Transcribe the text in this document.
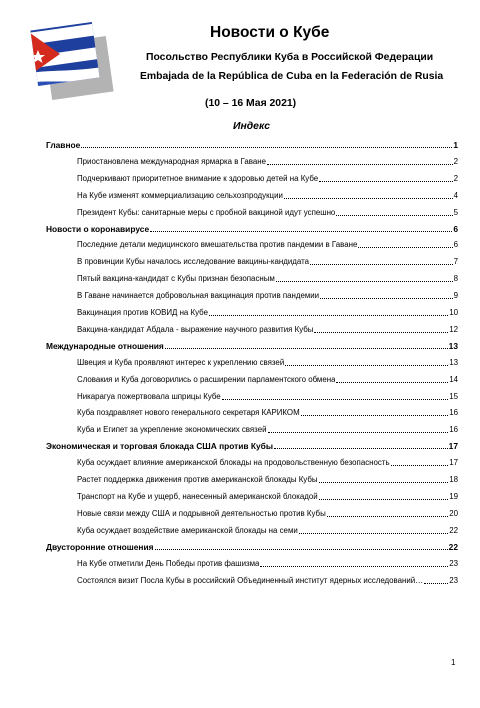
Новости о Кубе
Посольство Республики Куба в Российской Федерации
Embajada de la República de Cuba en la Federación de Rusia
(10 – 16 Мая 2021)
Индекс
Главное	1
Приостановлена международная ярмарка в Гаване	2
Подчеркивают приоритетное внимание к здоровью детей на Кубе	2
На Кубе изменят коммерциализацию сельхозпродукции	4
Президент Кубы: санитарные меры с пробной вакциной идут успешно	5
Новости о коронавирусе	6
Последние детали медицинского вмешательства против пандемии в Гаване	6
В провинции Кубы началось исследование вакцины-кандидата	7
Пятый вакцина-кандидат с Кубы признан безопасным	8
В Гаване начинается добровольная вакцинация против пандемии	9
Вакцинация против КОВИД на Кубе	10
Вакцина-кандидат Абдала - выражение научного развития Кубы	12
Международные отношения	13
Швеция и Куба проявляют интерес к укреплению связей	13
Словакия и Куба договорились о расширении парламентского обмена	14
Никарагуа пожертвовала шприцы Кубе	15
Куба поздравляет нового генерального секретаря КАРИКОМ	16
Куба и Египет за укрепление экономических связей	16
Экономическая и торговая блокада США против Кубы	17
Куба осуждает влияние американской блокады на продовольственную безопасность	17
Растет поддержка движения против американской блокады Кубы	18
Транспорт на Кубе и ущерб, нанесенный американской блокадой	19
Новые связи между США и подрывной деятельностью против Кубы	20
Куба осуждает воздействие американской блокады на семи	22
Двусторонние отношения	22
На Кубе отметили День Победы против фашизма	23
Состоялся визит Посла Кубы в российский Объединенный институт ядерных исследований…	23
1
